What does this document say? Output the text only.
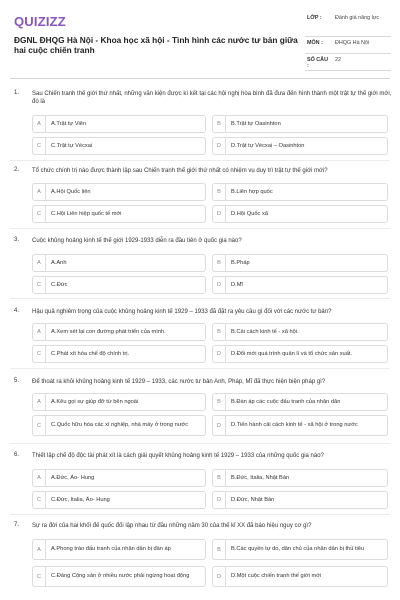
QUIZIZZ
ĐGNL ĐHQG Hà Nội - Khoa học xã hội - Tình hình các nước tư bản giữa hai cuộc chiến tranh
LỚP :	Đánh giá năng lực
MÔN :	ĐHQG Hà Nội
SỐ CÂU :
22
1. Sau Chiến tranh thế giới thứ nhất, những văn kiện được kí kết tại các hội nghị hòa bình đã đưa đến hình thành một trật tự thế giới mới, đó là
A	A.Trật tự Viên	B	B.Trật tự Oasinhton
C	C.Trật tự Vécxai	D	D.Trật tự Vécxai – Oasinhton
2. Tổ chức chính trị nào được thành lập sau Chiến tranh thế giới thứ nhất có nhiệm vụ duy trì trật tự thế giới mới?
A	A.Hội Quốc liên	B	B.Liên hợp quốc
C	C.Hội Liên hiệp quốc tế mới	D	D.Hội Quốc xã
3. Cuộc khủng hoảng kinh tế thế giới 1929-1933 diễn ra đầu tiên ở quốc gia nào?
A	A.Anh	B	B.Pháp
C	C.Đức	D	D.Mĩ
4. Hậu quả nghiêm trọng của cuộc khủng hoảng kinh tế 1929 – 1933 đã đặt ra yêu cầu gì đối với các nước tư bản?
A	A.Xem xét lại con đường phát triển của mình.	B	B.Cải cách kinh tế - xã hội.
C	C.Phát xít hóa chế độ chính trị.	D	D.Đổi mới quá trình quản lí và tổ chức sản xuất.
5. Để thoát ra khỏi khủng hoảng kinh tế 1929 – 1933, các nước tư bản Anh, Pháp, Mĩ đã thực hiện biện pháp gì?
A	A.Kêu gọi sự giúp đỡ từ bên ngoài	B	B.Đàn áp các cuộc đấu tranh của nhân dân
C	C.Quốc hữu hóa các xí nghiệp, nhà máy ở trong nước	D	D.Tiến hành cải cách kinh tế - xã hội ở trong nước
6. Thiết lập chế độ độc tài phát xít là cách giải quyết khủng hoảng kinh tế 1929 – 1933 của những quốc gia nào?
A	A.Đức, Áo- Hung	B	B.Đức, Italia, Nhật Bản
C	C.Đức, Italia, Áo- Hung	D	D.Đức, Nhật Bản
7. Sự ra đời của hai khối đế quốc đối lập nhau từ đầu những năm 30 của thế kỉ XX đã báo hiệu nguy cơ gì?
A	A.Phong trào đấu tranh của nhân dân bị đàn áp	B	B.Các quyền tự do, dân chủ của nhân dân bị thủ tiêu
C	C.Đảng Cộng sản ở nhiều nước phải ngừng hoạt động	D	D.Một cuộc chiến tranh thế giới mới
